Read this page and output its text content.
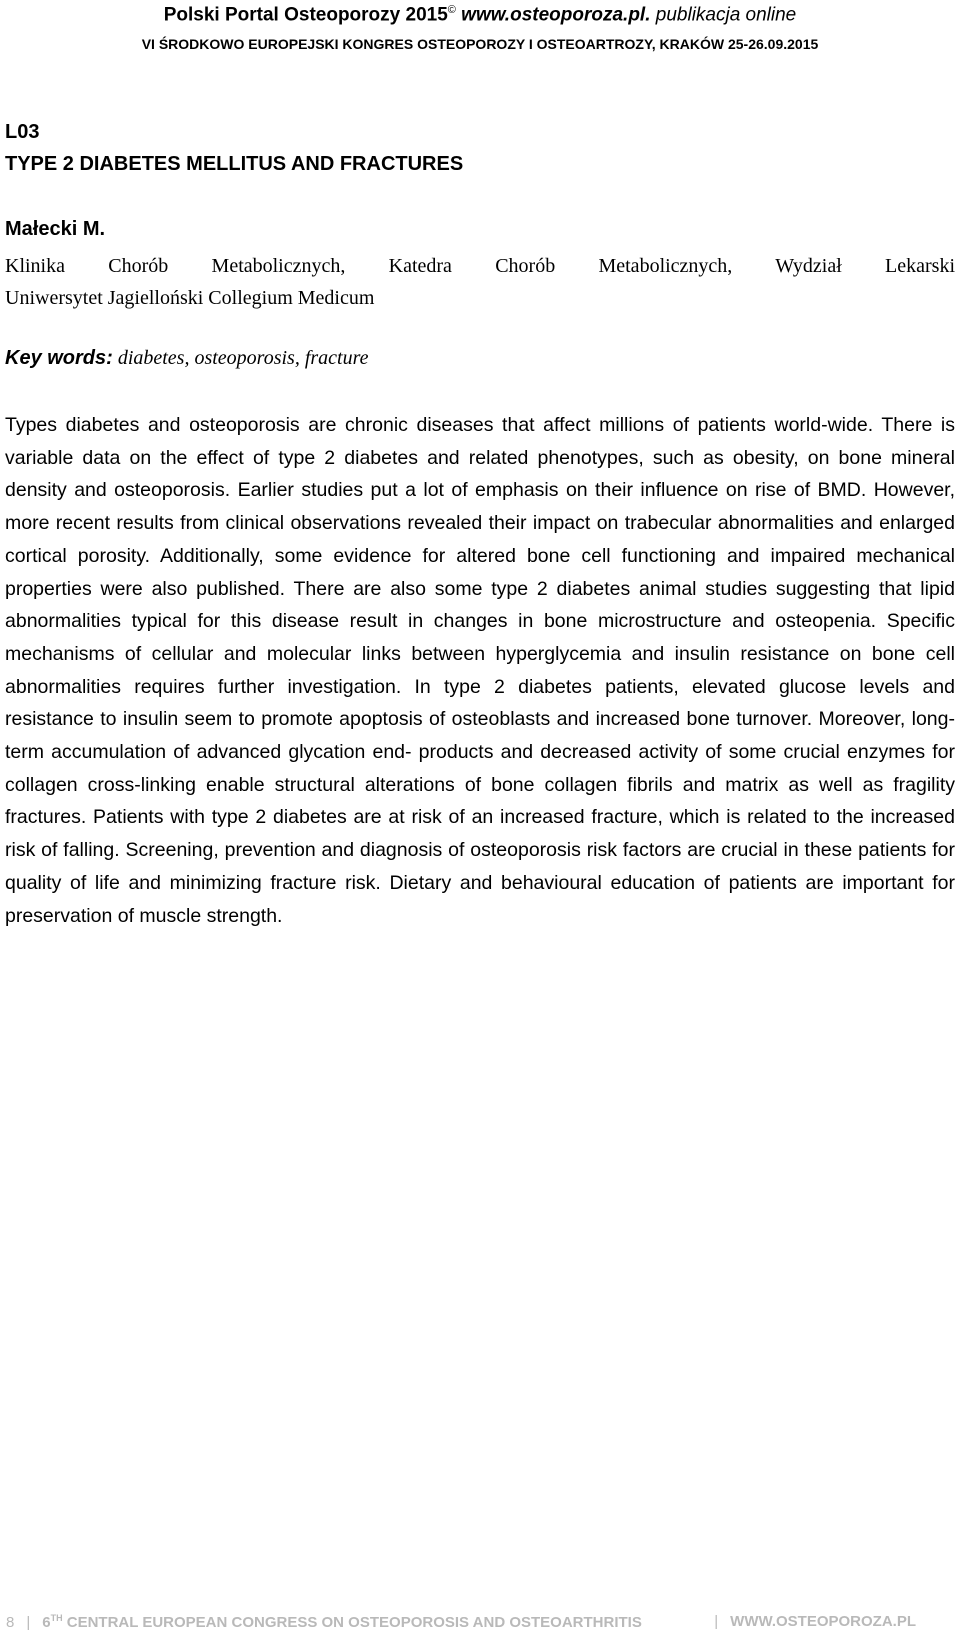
Polski Portal Osteoporozy 2015© www.osteoporoza.pl. publikacja online
VI ŚRODKOWO EUROPEJSKI KONGRES OSTEOPOROZY I OSTEOARTROZY, KRAKÓW 25-26.09.2015
L03
TYPE 2 DIABETES MELLITUS AND FRACTURES
Małecki M.
Klinika Chorób Metabolicznych, Katedra Chorób Metabolicznych, Wydział Lekarski
Uniwersytet Jagielloński Collegium Medicum
Key words: diabetes, osteoporosis, fracture
Types diabetes and osteoporosis are chronic diseases that affect millions of patients world-wide. There is variable data on the effect of type 2 diabetes and related phenotypes, such as obesity, on bone mineral density and osteoporosis. Earlier studies put a lot of emphasis on their influence on rise of BMD. However, more recent results from clinical observations revealed their impact on trabecular abnormalities and enlarged cortical porosity. Additionally, some evidence for altered bone cell functioning and impaired mechanical properties were also published. There are also some type 2 diabetes animal studies suggesting that lipid abnormalities typical for this disease result in changes in bone microstructure and osteopenia. Specific mechanisms of cellular and molecular links between hyperglycemia and insulin resistance on bone cell abnormalities requires further investigation. In type 2 diabetes patients, elevated glucose levels and resistance to insulin seem to promote apoptosis of osteoblasts and increased bone turnover. Moreover, long-term accumulation of advanced glycation end- products and decreased activity of some crucial enzymes for collagen cross-linking enable structural alterations of bone collagen fibrils and matrix as well as fragility fractures. Patients with type 2 diabetes are at risk of an increased fracture, which is related to the increased risk of falling. Screening, prevention and diagnosis of osteoporosis risk factors are crucial in these patients for quality of life and minimizing fracture risk. Dietary and behavioural education of patients are important for preservation of muscle strength.
8 | 6TH CENTRAL EUROPEAN CONGRESS ON OSTEOPOROSIS AND OSTEOARTHRITIS	| WWW.OSTEOPOROZA.PL
